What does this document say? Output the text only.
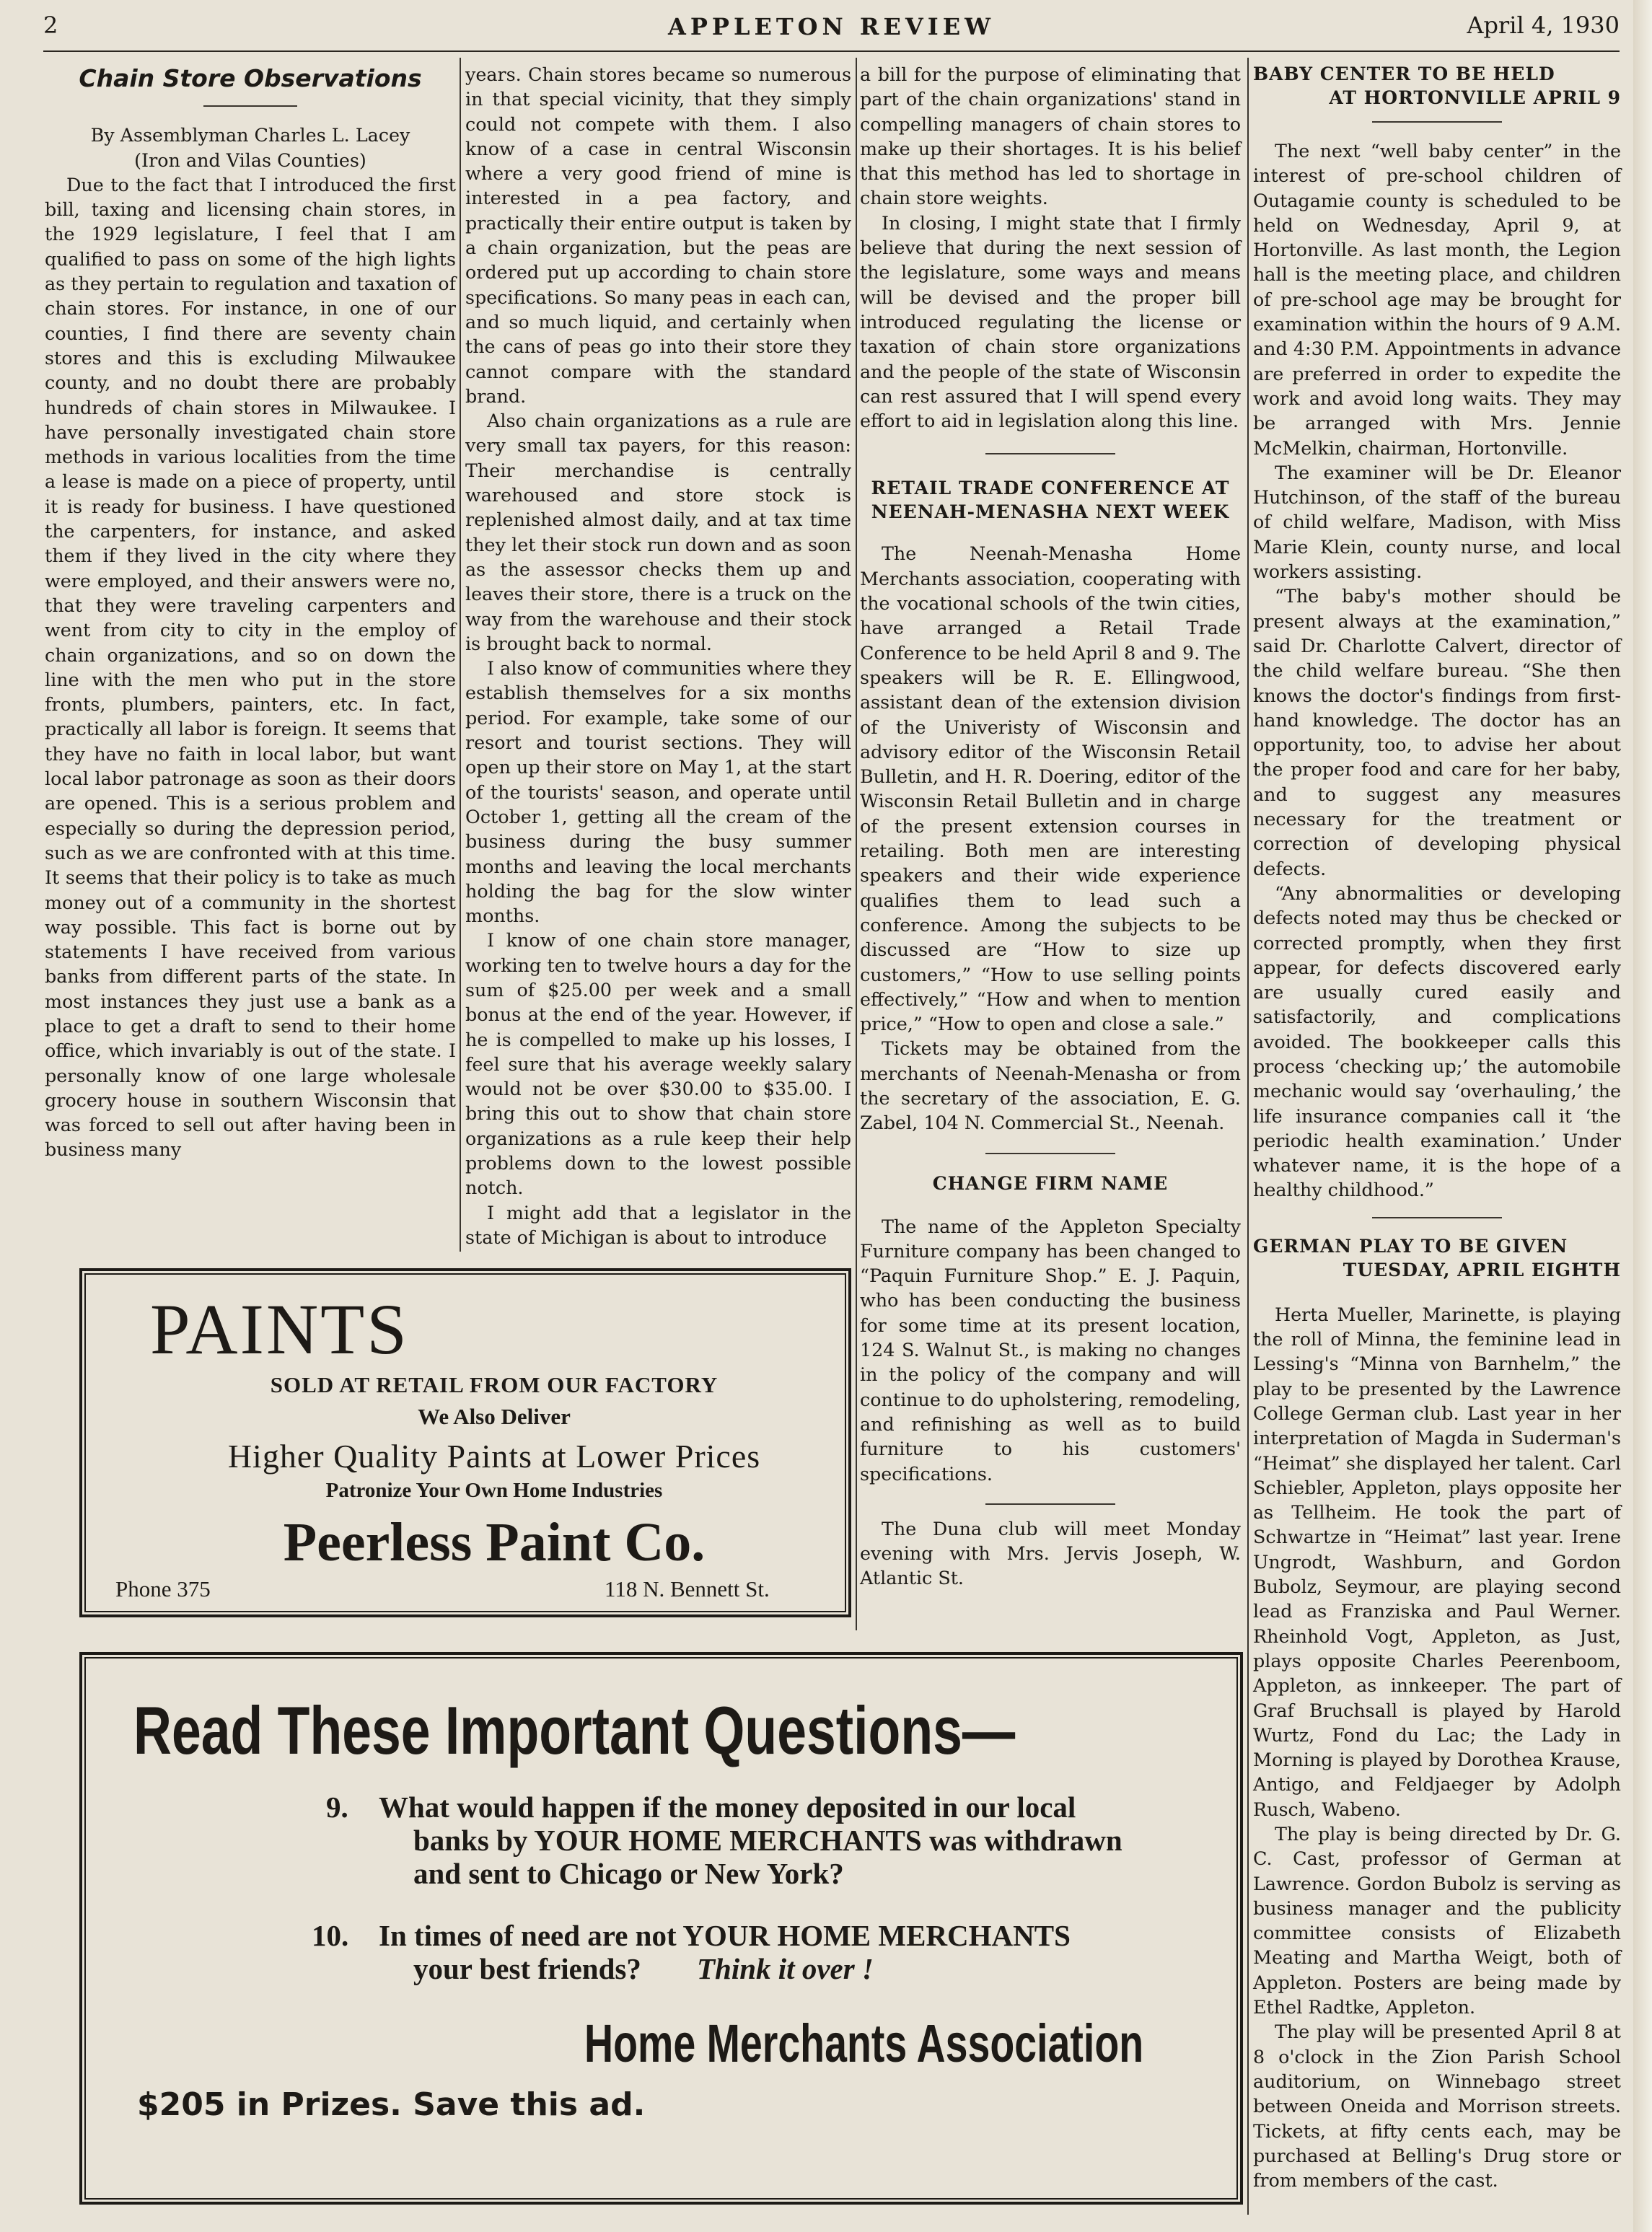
2	APPLETON REVIEW	April 4, 1930
Chain Store Observations

By Assemblyman Charles L. Lacey

(Iron and Vilas Counties)

Due to the fact that I introduced the first bill, taxing and licensing chain stores, in the 1929 legislature, I feel that I am qualified to pass on some of the high lights as they pertain to regulation and taxation of chain stores. For instance, in one of our counties, I find there are seventy chain stores and this is excluding Milwaukee county, and no doubt there are probably hundreds of chain stores in Milwaukee. I have personally investigated chain store methods in various localities from the time a lease is made on a piece of property, until it is ready for business. I have questioned the carpenters, for instance, and asked them if they lived in the city where they were employed, and their answers were no, that they were traveling carpenters and went from city to city in the employ of chain organizations, and so on down the line with the men who put in the store fronts, plumbers, painters, etc. In fact, practically all labor is foreign. It seems that they have no faith in local labor, but want local labor patronage as soon as their doors are opened. This is a serious problem and especially so during the depression period, such as we are confronted with at this time. It seems that their policy is to take as much money out of a community in the shortest way possible. This fact is borne out by statements I have received from various banks from different parts of the state. In most instances they just use a bank as a place to get a draft to send to their home office, which invariably is out of the state. I personally know of one large wholesale grocery house in southern Wisconsin that was forced to sell out after having been in business many

years. Chain stores became so numerous in that special vicinity, that they simply could not compete with them. I also know of a case in central Wisconsin where a very good friend of mine is interested in a pea factory, and practically their entire output is taken by a chain organization, but the peas are ordered put up according to chain store specifications. So many peas in each can, and so much liquid, and certainly when the cans of peas go into their store they cannot compare with the standard brand.

Also chain organizations as a rule are very small tax payers, for this reason: Their merchandise is centrally warehoused and store stock is replenished almost daily, and at tax time they let their stock run down and as soon as the assessor checks them up and leaves their store, there is a truck on the way from the warehouse and their stock is brought back to normal.

I also know of communities where they establish themselves for a six months period. For example, take some of our resort and tourist sections. They will open up their store on May 1, at the start of the tourists' season, and operate until October 1, getting all the cream of the business during the busy summer months and leaving the local merchants holding the bag for the slow winter months.

I know of one chain store manager, working ten to twelve hours a day for the sum of $25.00 per week and a small bonus at the end of the year. However, if he is compelled to make up his losses, I feel sure that his average weekly salary would not be over $30.00 to $35.00. I bring this out to show that chain store organizations as a rule keep their help problems down to the lowest possible notch.

I might add that a legislator in the state of Michigan is about to introduce

a bill for the purpose of eliminating that part of the chain organizations' stand in compelling managers of chain stores to make up their shortages. It is his belief that this method has led to shortage in chain store weights.

In closing, I might state that I firmly believe that during the next session of the legislature, some ways and means will be devised and the proper bill introduced regulating the license or taxation of chain store organizations and the people of the state of Wisconsin can rest assured that I will spend every effort to aid in legislation along this line.

RETAIL TRADE CONFERENCE AT
NEENAH-MENASHA NEXT WEEK

The Neenah-Menasha Home Merchants association, cooperating with the vocational schools of the twin cities, have arranged a Retail Trade Conference to be held April 8 and 9. The speakers will be R. E. Ellingwood, assistant dean of the extension division of the Univeristy of Wisconsin and advisory editor of the Wisconsin Retail Bulletin, and H. R. Doering, editor of the Wisconsin Retail Bulletin and in charge of the present extension courses in retailing. Both men are interesting speakers and their wide experience qualifies them to lead such a conference. Among the subjects to be discussed are “How to size up customers,” “How to use selling points effectively,” “How and when to mention price,” “How to open and close a sale.”

Tickets may be obtained from the merchants of Neenah-Menasha or from the secretary of the association, E. G. Zabel, 104 N. Commercial St., Neenah.

CHANGE FIRM NAME

The name of the Appleton Specialty Furniture company has been changed to “Paquin Furniture Shop.” E. J. Paquin, who has been conducting the business for some time at its present location, 124 S. Walnut St., is making no changes in the policy of the company and will continue to do upholstering, remodeling, and refinishing as well as to build furniture to his customers' specifications.

The Duna club will meet Monday evening with Mrs. Jervis Joseph, W. Atlantic St.

BABY CENTER TO BE HELD
AT HORTONVILLE APRIL 9

The next “well baby center” in the interest of pre-school children of Outagamie county is scheduled to be held on Wednesday, April 9, at Hortonville. As last month, the Legion hall is the meeting place, and children of pre-school age may be brought for examination within the hours of 9 A.M. and 4:30 P.M. Appointments in advance are preferred in order to expedite the work and avoid long waits. They may be arranged with Mrs. Jennie McMelkin, chairman, Hortonville.

The examiner will be Dr. Eleanor Hutchinson, of the staff of the bureau of child welfare, Madison, with Miss Marie Klein, county nurse, and local workers assisting.

“The baby's mother should be present always at the examination,” said Dr. Charlotte Calvert, director of the child welfare bureau. “She then knows the doctor's findings from first-hand knowledge. The doctor has an opportunity, too, to advise her about the proper food and care for her baby, and to suggest any measures necessary for the treatment or correction of developing physical defects.

“Any abnormalities or developing defects noted may thus be checked or corrected promptly, when they first appear, for defects discovered early are usually cured easily and satisfactorily, and complications avoided. The bookkeeper calls this process ‘checking up;’ the automobile mechanic would say ‘overhauling,’ the life insurance companies call it ‘the periodic health examination.’ Under whatever name, it is the hope of a healthy childhood.”

GERMAN PLAY TO BE GIVEN
TUESDAY, APRIL EIGHTH

Herta Mueller, Marinette, is playing the roll of Minna, the feminine lead in Lessing's “Minna von Barnhelm,” the play to be presented by the Lawrence College German club. Last year in her interpretation of Magda in Suderman's “Heimat” she displayed her talent. Carl Schiebler, Appleton, plays opposite her as Tellheim. He took the part of Schwartze in “Heimat” last year. Irene Ungrodt, Washburn, and Gordon Bubolz, Seymour, are playing second lead as Franziska and Paul Werner. Rheinhold Vogt, Appleton, as Just, plays opposite Charles Peerenboom, Appleton, as innkeeper. The part of Graf Bruchsall is played by Harold Wurtz, Fond du Lac; the Lady in Morning is played by Dorothea Krause, Antigo, and Feldjaeger by Adolph Rusch, Wabeno.

The play is being directed by Dr. G. C. Cast, professor of German at Lawrence. Gordon Bubolz is serving as business manager and the publicity committee consists of Elizabeth Meating and Martha Weigt, both of Appleton. Posters are being made by Ethel Radtke, Appleton.

The play will be presented April 8 at 8 o'clock in the Zion Parish School auditorium, on Winnebago street between Oneida and Morrison streets. Tickets, at fifty cents each, may be purchased at Belling's Drug store or from members of the cast.

PAINTS
SOLD AT RETAIL FROM OUR FACTORY
We Also Deliver
Higher Quality Paints at Lower Prices
Patronize Your Own Home Industries
Peerless Paint Co.
Phone 375	118 N. Bennett St.
Read These Important Questions—
9. What would happen if the money deposited in our local
banks by YOUR HOME MERCHANTS was withdrawn
and sent to Chicago or New York?
10. In times of need are not YOUR HOME MERCHANTS
your best friends? Think it over !
Home Merchants Association
$205 in Prizes. Save this ad.
